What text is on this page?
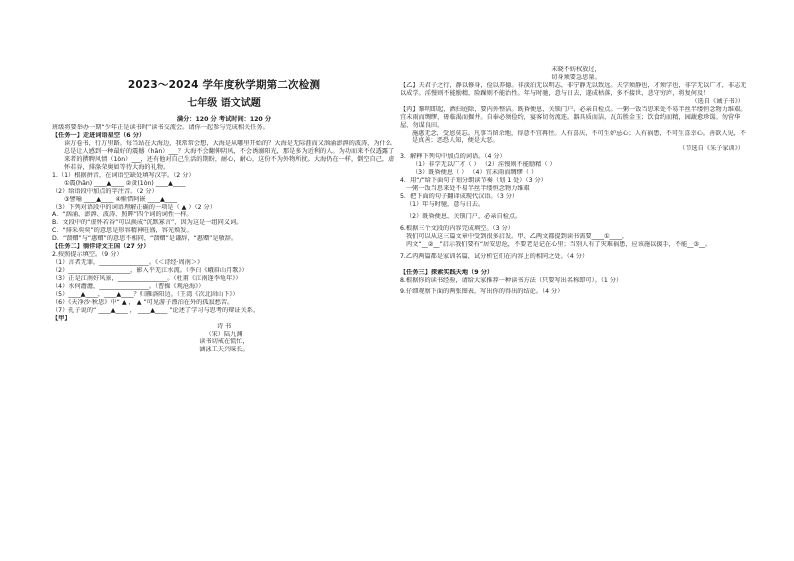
2023～2024 学年度秋学期第二次检测
七年级 语文试题
满分：120 分 考试时间：120 分
班级将要举办一期“少年正是读书时”读书交流会。请你一起参与完成相关任务。
【任务一】走进词语星空（6 分）
读万卷书，行万里路。每当站在大海边，我常常会想，大海是从哪里开始的？大海是无际涯而又汹涌澎湃的波涛，为什么总是让人感到一种最好的震撼（hān）___？大海不会翻伸阴风，不会诱溺阳光，那是多为近利的人。为功而来不仅透露了来者的撰聘风情（1òn）___，还有他对自己生活的期盼，耐心，耐心，这份不为外物所扰。大海仍在一样，倒空自己，虚怀若谷，排涤荣奥如等待大海的礼物。
1.（1）根据拼音，在词语空缺处填写汉字。（2 分）
①震(hān) ____▲____ ②贪(1òn) ____▲____
（2）给语段中加点的字注音。（2 分）
③譬喻 ____▲____ ④惭惜阿嵌 ____▲____
（3）下列对语段中的词语理解正确的一项是（ ▲ ）（2 分）
A．“汹涌、澎湃、波涛、照晖”四个词的词性一样。
B．文段中的“虚怀若谷”可以换成“沉默寡言”，因为这是一组同义词。
C．“排采奕奕”的意思是形容精神旺盛，容光焕发。
D．“馈赠”与“惠赠”的意思不相同，“馈赠”是谦辞，“惠赠”是敬辞。
【任务二】徜徉诗文王国（27 分）
2.按照提示填空。（9 分）
（1）言者无罪，________________。《＜诗经·周南＞》
（2）____________________，影入平羌江水流。（李白《峨眉山月歌》）
（3）正是江南好风景，________________。（杜甫《江南逢李龟年》）
（4）水何澹澹，________________。（曹操《观沧海》）
（5）____▲____，____▲____？归雁洛阳边。（王湾《次北固山下》）
（6）《天净沙·秋思》中“ ▲ ， ▲ ”可见游子漂泊在外的孤寂愁苦。
（7）孔子说的“ ____▲____ ， ____▲____ ”论述了学习与思考的辩证关系。
【甲】
诗 书
（宋）陆九渊
读书切戒在慌忙，
涵泳工夫兴味长。
未晓不妨权放过，
切身须要急思量。
【乙】夫君子之行，静以修身，俭以养德。非淡泊无以明志，非宁静无以致远。夫学须静也，才须学也，非学无以广才，非志无以成学。淫慢则不能励精，险躁则不能治性。年与时驰，意与日去，遂成枯落，多不接世，悲守穷庐，将复何及！
（选自《诫子书》）
【丙】黎明即起，洒扫庭除，要内外整洁。既昏便息，关锁门户，必亲自检点。一粥一饭当思来处不易半丝半缕恒念物力维艰。宜未雨而绸缪，毋临渴而掘井。自奉必须俭约，宴客切勿流连。器具质而洁，瓦缶胜金玉；饮食约而精，园蔬愈珍馐。勿营华屋，勿谋良田。
施惠无念，受恩莫忘。凡事当留余地，得意不宜再往。人有喜庆，不可生妒忌心；人有祸患，不可生喜幸心。善欲人见，不是真善；恶恐人知，便是大恶。
（节选自《朱子家训》）
3．解释下列句中加点的词语。（4 分）
（1）非学无以广才（ ） （2）淫慢则不能励精（ ）
（3）既昏便息（ ） （4）宜未雨而绸缪（ ）
4．用“/”给下面句子划分朗读节奏（划 1 处）（3 分）
一粥一饭当思来处不易半丝半缕恒念物力维艰
5．把下面的句子翻译成现代汉语。（3 分）
（1）年与时驰，意与日去。
（2）既昏便息，关锁门户，必亲自检点。
6.根据三个文段的内容完成填空。（3 分）
我们可以从这三篇文章中受到很多启发。甲、乙两文都提到读书需要____①____，
丙文“__②__”启示我们要有“居安思危，不要老是记在心里；当别人有了灾难祸患，应该施以援手，不能__③__。
7.乙丙两篇都是家训名篇，试分析它们在内容上的相同之处。（4 分）
【任务三】探索实践天地（9 分）
8.根据你的读书经验，请给大家推荐一种读书方法（只要写出名称即可）。（1 分）
9.仔细观察下面的两张图表，写出你的得出的结论。（4 分）
